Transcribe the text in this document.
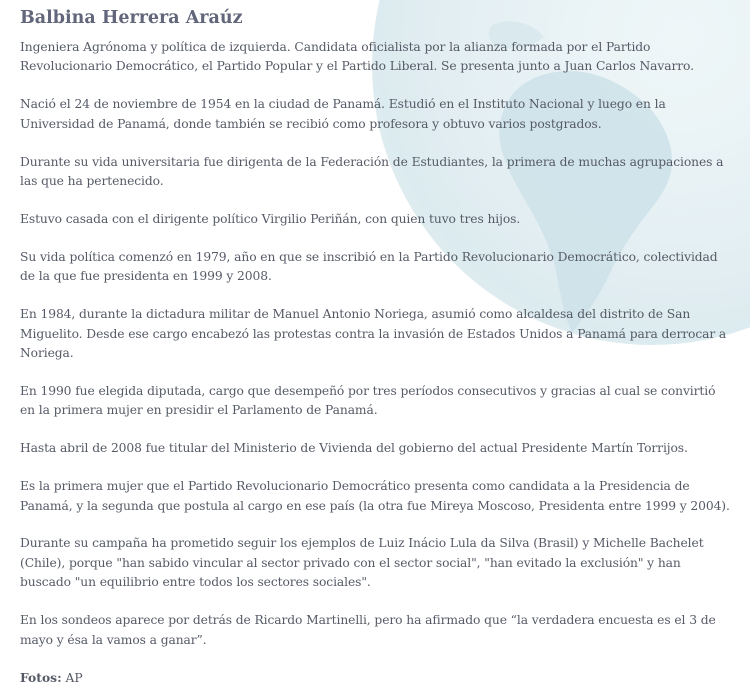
Balbina Herrera Araúz

Ingeniera Agrónoma y política de izquierda. Candidata oficialista por la alianza formada por el Partido Revolucionario Democrático, el Partido Popular y el Partido Liberal. Se presenta junto a Juan Carlos Navarro.

Nació el 24 de noviembre de 1954 en la ciudad de Panamá. Estudió en el Instituto Nacional y luego en la Universidad de Panamá, donde también se recibió como profesora y obtuvo varios postgrados.

Durante su vida universitaria fue dirigenta de la Federación de Estudiantes, la primera de muchas agrupaciones a las que ha pertenecido.

Estuvo casada con el dirigente político Virgilio Periñán, con quien tuvo tres hijos.

Su vida política comenzó en 1979, año en que se inscribió en la Partido Revolucionario Democrático, colectividad de la que fue presidenta en 1999 y 2008.

En 1984, durante la dictadura militar de Manuel Antonio Noriega, asumió como alcaldesa del distrito de San Miguelito. Desde ese cargo encabezó las protestas contra la invasión de Estados Unidos a Panamá para derrocar a Noriega.

En 1990 fue elegida diputada, cargo que desempeñó por tres períodos consecutivos y gracias al cual se convirtió en la primera mujer en presidir el Parlamento de Panamá.

Hasta abril de 2008 fue titular del Ministerio de Vivienda del gobierno del actual Presidente Martín Torrijos.

Es la primera mujer que el Partido Revolucionario Democrático presenta como candidata a la Presidencia de Panamá, y la segunda que postula al cargo en ese país (la otra fue Mireya Moscoso, Presidenta entre 1999 y 2004).

Durante su campaña ha prometido seguir los ejemplos de Luiz Inácio Lula da Silva (Brasil) y Michelle Bachelet (Chile), porque "han sabido vincular al sector privado con el sector social", "han evitado la exclusión" y han buscado "un equilibrio entre todos los sectores sociales".

En los sondeos aparece por detrás de Ricardo Martinelli, pero ha afirmado que “la verdadera encuesta es el 3 de mayo y ésa la vamos a ganar”.

Fotos: AP
